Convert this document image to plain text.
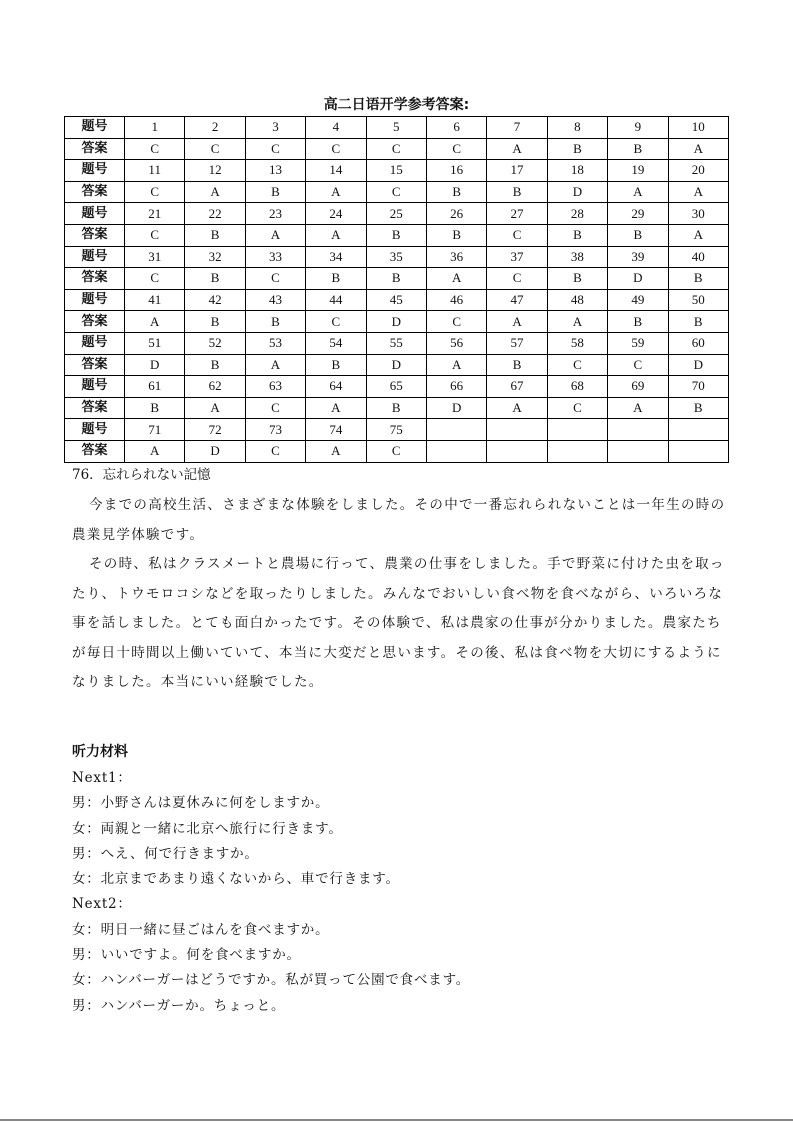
高二日语开学参考答案:
题号	1	2	3	4	5	6	7	8	9	10
答案	C	C	C	C	C	C	A	B	B	A
题号	11	12	13	14	15	16	17	18	19	20
答案	C	A	B	A	C	B	B	D	A	A
题号	21	22	23	24	25	26	27	28	29	30
答案	C	B	A	A	B	B	C	B	B	A
题号	31	32	33	34	35	36	37	38	39	40
答案	C	B	C	B	B	A	C	B	D	B
题号	41	42	43	44	45	46	47	48	49	50
答案	A	B	B	C	D	C	A	A	B	B
题号	51	52	53	54	55	56	57	58	59	60
答案	D	B	A	B	D	A	B	C	C	D
题号	61	62	63	64	65	66	67	68	69	70
答案	B	A	C	A	B	D	A	C	A	B
题号	71	72	73	74	75					
答案	A	D	C	A	C					
76．忘れられない記憶

今までの高校生活、さまざまな体験をしました。その中で一番忘れられないことは一年生の時の農業見学体験です。

その時、私はクラスメートと農場に行って、農業の仕事をしました。手で野菜に付けた虫を取ったり、トウモロコシなどを取ったりしました。みんなでおいしい食べ物を食べながら、いろいろな事を話しました。とても面白かったです。その体験で、私は農家の仕事が分かりました。農家たちが毎日十時間以上働いていて、本当に大変だと思います。その後、私は食べ物を大切にするようになりました。本当にいい経験でした。

听力材料
Next1：
男：小野さんは夏休みに何をしますか。
女：両親と一緒に北京へ旅行に行きます。
男：へえ、何で行きますか。
女：北京まであまり遠くないから、車で行きます。
Next2：
女：明日一緒に昼ごはんを食べますか。
男：いいですよ。何を食べますか。
女：ハンバーガーはどうですか。私が買って公園で食べます。
男：ハンバーガーか。ちょっと。
